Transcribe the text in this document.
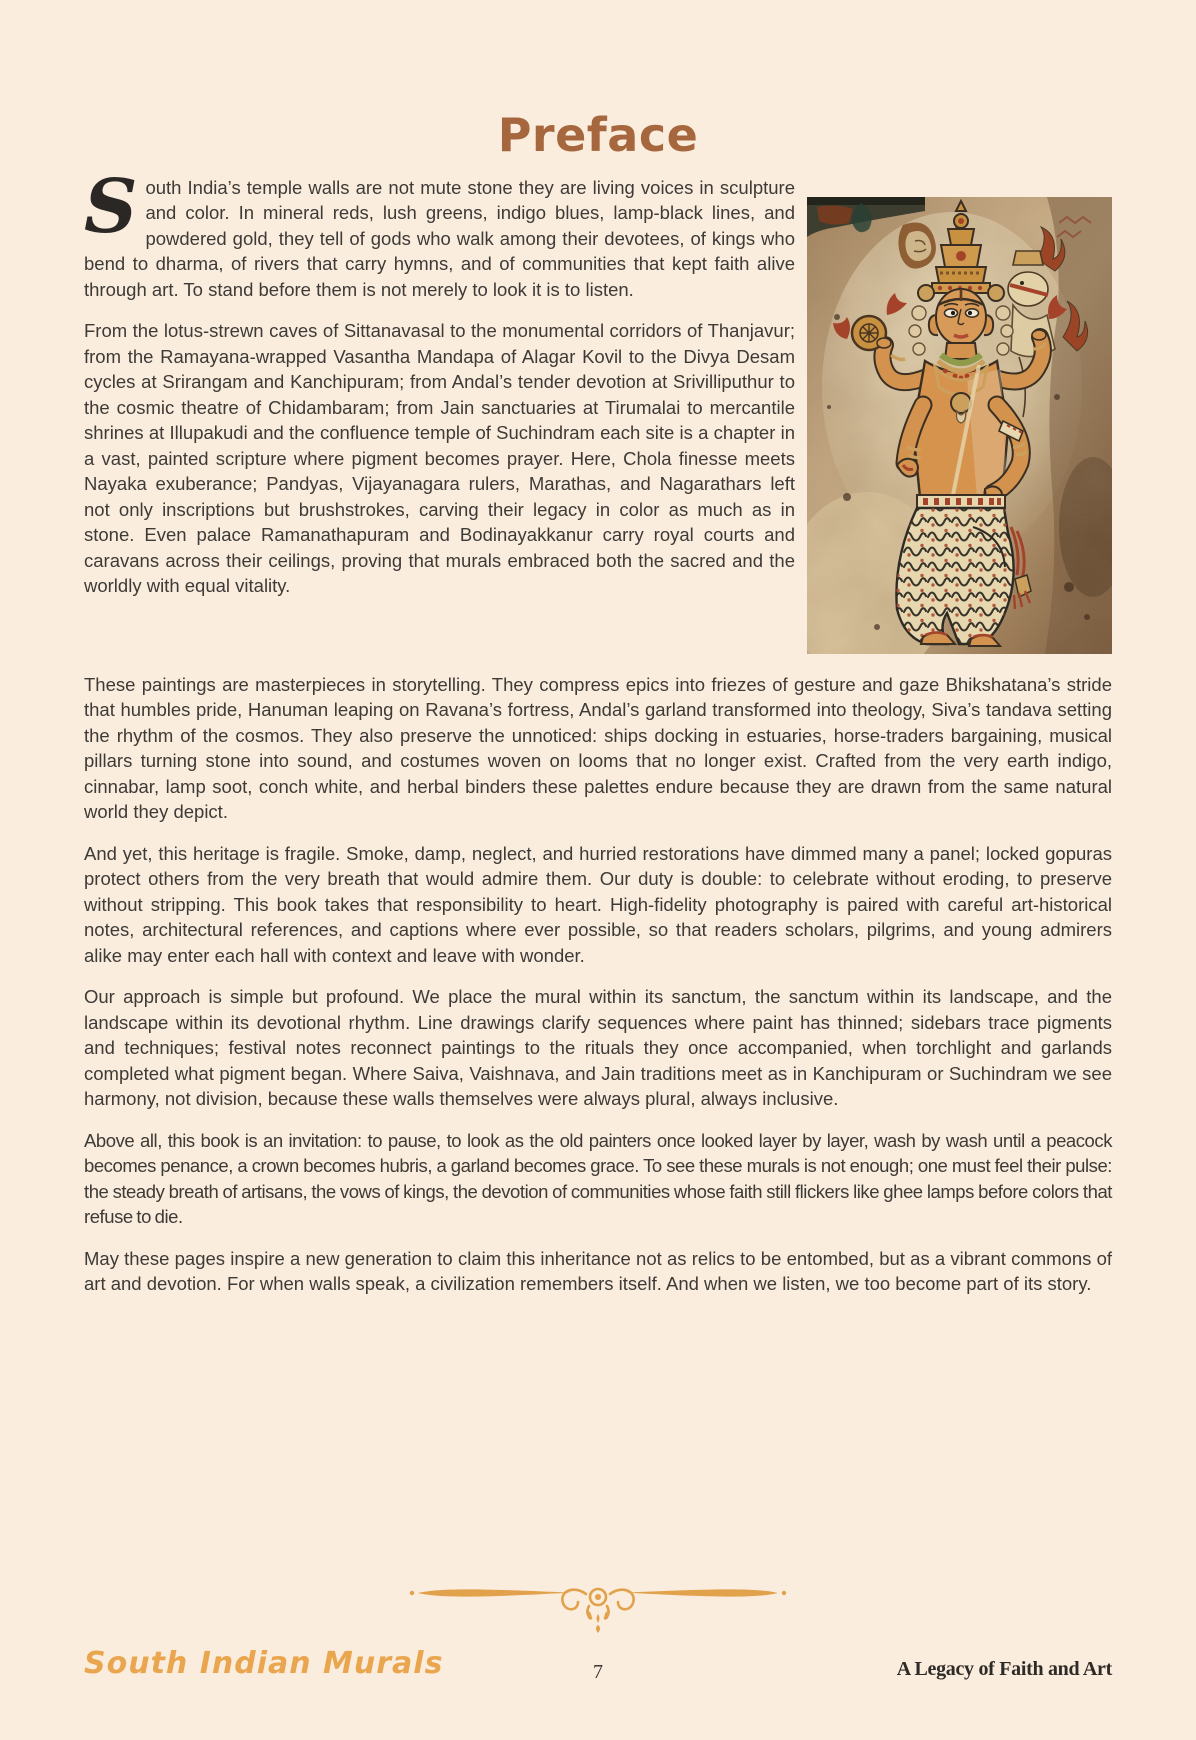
Preface

South India’s temple walls are not mute stone they are living voices in sculpture and color. In mineral reds, lush greens, indigo blues, lamp-black lines, and powdered gold, they tell of gods who walk among their devotees, of kings who bend to dharma, of rivers that carry hymns, and of communities that kept faith alive through art. To stand before them is not merely to look it is to listen.

From the lotus-strewn caves of Sittanavasal to the monumental corridors of Thanjavur; from the Ramayana-wrapped Vasantha Mandapa of Alagar Kovil to the Divya Desam cycles at Srirangam and Kanchipuram; from Andal’s tender devotion at Srivilliputhur to the cosmic theatre of Chidambaram; from Jain sanctuaries at Tirumalai to mercantile shrines at Illupakudi and the confluence temple of Suchindram each site is a chapter in a vast, painted scripture where pigment becomes prayer. Here, Chola finesse meets Nayaka exuberance; Pandyas, Vijayanagara rulers, Marathas, and Nagarathars left not only inscriptions but brushstrokes, carving their legacy in color as much as in stone. Even palace Ramanathapuram and Bodinayakkanur carry royal courts and caravans across their ceilings, proving that murals embraced both the sacred and the worldly with equal vitality.

These paintings are masterpieces in storytelling. They compress epics into friezes of gesture and gaze Bhikshatana’s stride that humbles pride, Hanuman leaping on Ravana’s fortress, Andal’s garland transformed into theology, Siva’s tandava setting the rhythm of the cosmos. They also preserve the unnoticed: ships docking in estuaries, horse-traders bargaining, musical pillars turning stone into sound, and costumes woven on looms that no longer exist. Crafted from the very earth indigo, cinnabar, lamp soot, conch white, and herbal binders these palettes endure because they are drawn from the same natural world they depict.

And yet, this heritage is fragile. Smoke, damp, neglect, and hurried restorations have dimmed many a panel; locked gopuras protect others from the very breath that would admire them. Our duty is double: to celebrate without eroding, to preserve without stripping. This book takes that responsibility to heart. High-fidelity photography is paired with careful art-historical notes, architectural references, and captions where ever possible, so that readers scholars, pilgrims, and young admirers alike may enter each hall with context and leave with wonder.

Our approach is simple but profound. We place the mural within its sanctum, the sanctum within its landscape, and the landscape within its devotional rhythm. Line drawings clarify sequences where paint has thinned; sidebars trace pigments and techniques; festival notes reconnect paintings to the rituals they once accompanied, when torchlight and garlands completed what pigment began. Where Saiva, Vaishnava, and Jain traditions meet as in Kanchipuram or Suchindram we see harmony, not division, because these walls themselves were always plural, always inclusive.

Above all, this book is an invitation: to pause, to look as the old painters once looked layer by layer, wash by wash until a peacock becomes penance, a crown becomes hubris, a garland becomes grace. To see these murals is not enough; one must feel their pulse: the steady breath of artisans, the vows of kings, the devotion of communities whose faith still flickers like ghee lamps before colors that refuse to die.

May these pages inspire a new generation to claim this inheritance not as relics to be entombed, but as a vibrant commons of art and devotion. For when walls speak, a civilization remembers itself. And when we listen, we too become part of its story.

South Indian Murals	7	A Legacy of Faith and Art
